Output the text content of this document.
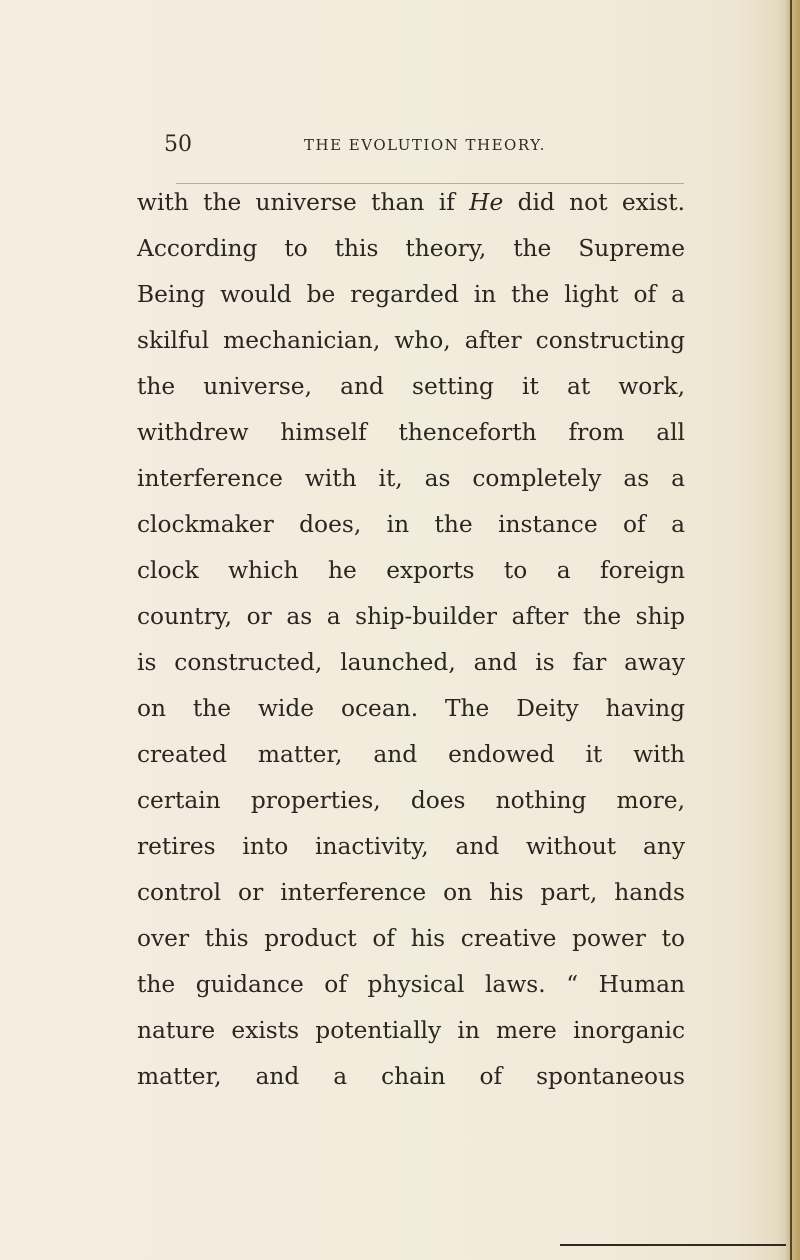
50	THE EVOLUTION THEORY.
with the universe than if He did not exist.
According to this theory, the Supreme
Being would be regarded in the light of a
skilful mechanician, who, after constructing
the universe, and setting it at work,
withdrew himself thenceforth from all
interference with it, as completely as a
clockmaker does, in the instance of a
clock which he exports to a foreign
country, or as a ship-builder after the ship
is constructed, launched, and is far away
on the wide ocean. The Deity having
created matter, and endowed it with
certain properties, does nothing more,
retires into inactivity, and without any
control or interference on his part, hands
over this product of his creative power to
the guidance of physical laws. “ Human
nature exists potentially in mere inorganic
matter, and a chain of spontaneous
